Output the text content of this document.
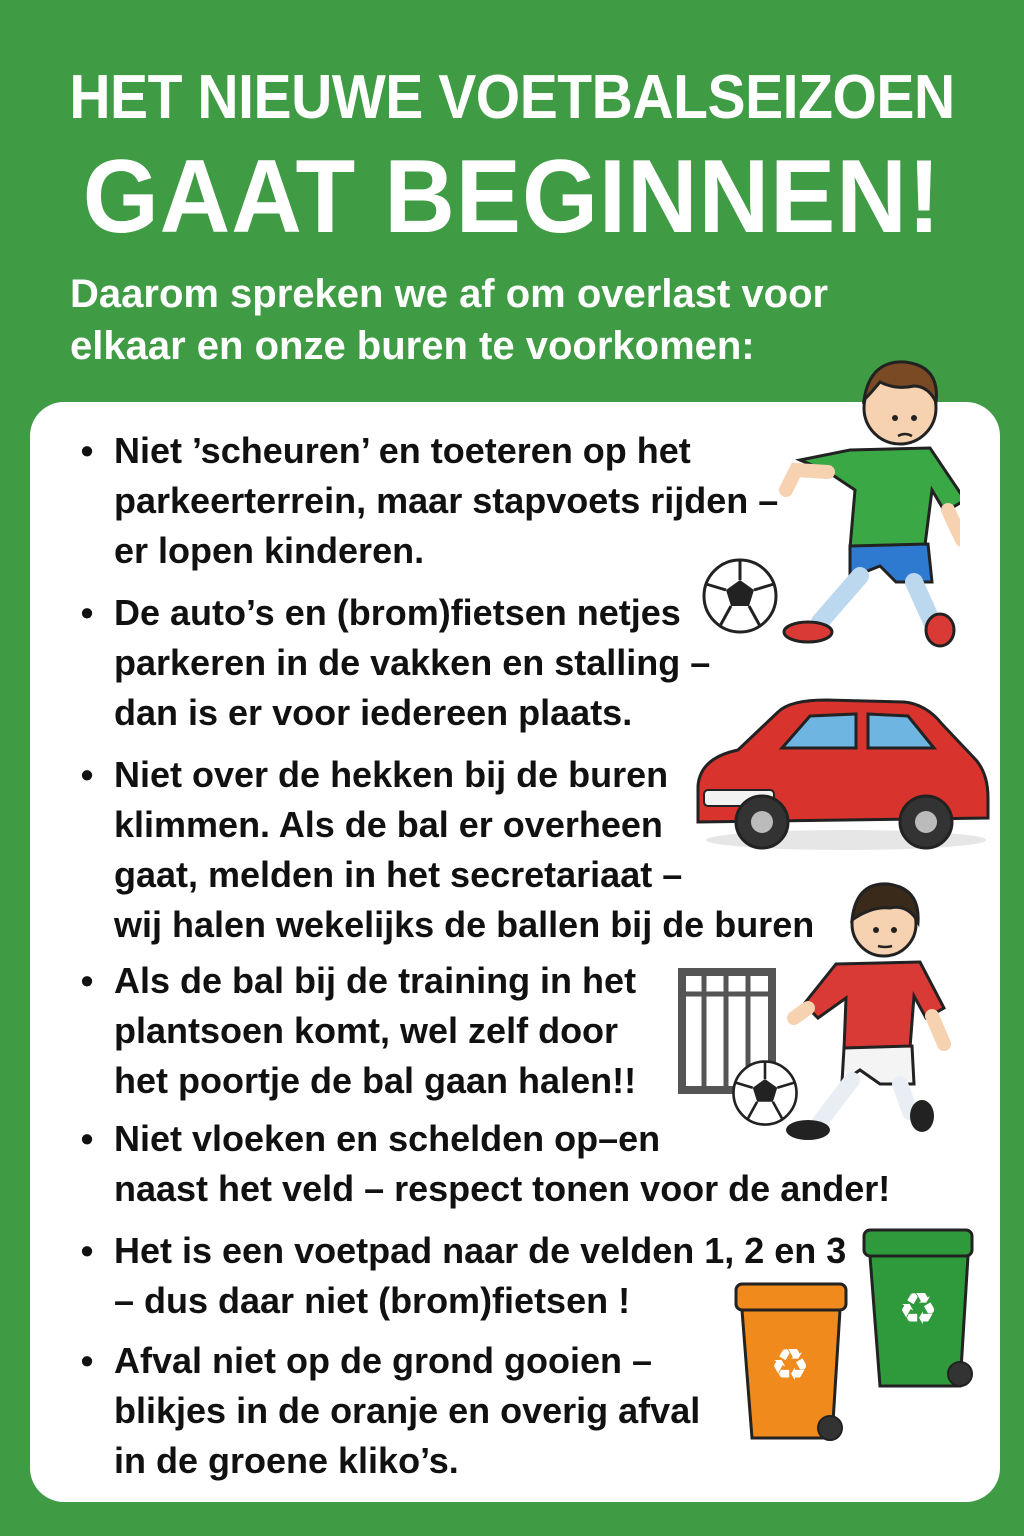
HET NIEUWE VOETBALSEIZOEN
GAAT BEGINNEN!
Daarom spreken we af om overlast voor
elkaar en onze buren te voorkomen:
• Niet ’scheuren’ en toeteren op het
parkeerterrein, maar stapvoets rijden –
er lopen kinderen.
• De auto’s en (brom)fietsen netjes
parkeren in de vakken en stalling –
dan is er voor iedereen plaats.
• Niet over de hekken bij de buren
klimmen. Als de bal er overheen
gaat, melden in het secretariaat –
wij halen wekelijks de ballen bij de buren
• Als de bal bij de training in het
plantsoen komt, wel zelf door
het poortje de bal gaan halen!!
• Niet vloeken en schelden op–en
naast het veld – respect tonen voor de ander!
• Het is een voetpad naar de velden 1, 2 en 3
– dus daar niet (brom)fietsen !
• Afval niet op de grond gooien –
blikjes in de oranje en overig afval
in de groene kliko’s.
♻
♻
